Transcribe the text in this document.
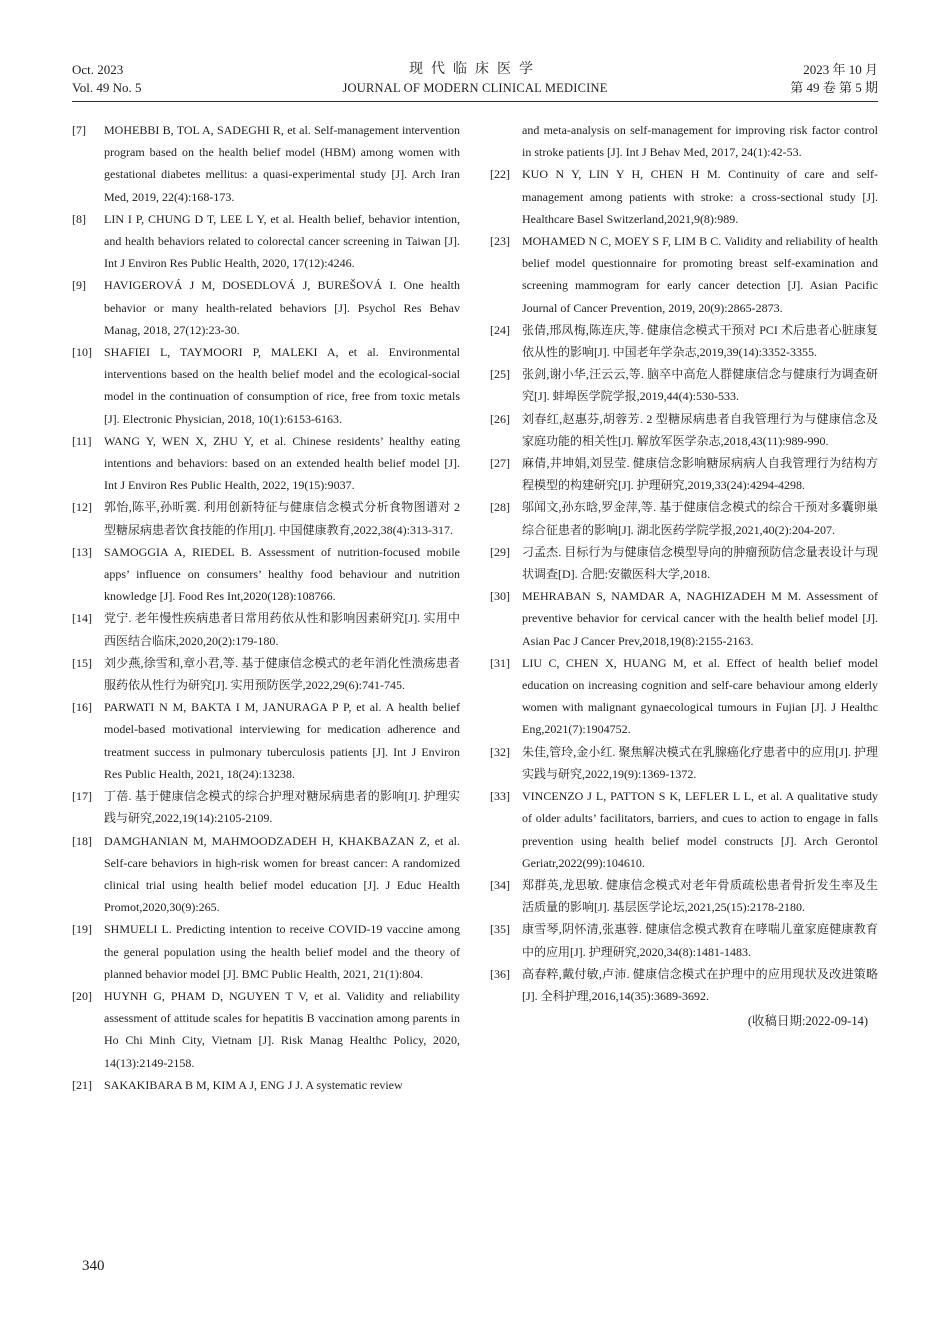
Oct. 2023
Vol. 49 No. 5
现代临床医学
JOURNAL OF MODERN CLINICAL MEDICINE
2023 年 10 月
第 49 卷 第 5 期
[7] MOHEBBI B, TOL A, SADEGHI R, et al. Self-management intervention program based on the health belief model (HBM) among women with gestational diabetes mellitus: a quasi-experimental study [J]. Arch Iran Med, 2019, 22(4):168-173.
[8] LIN I P, CHUNG D T, LEE L Y, et al. Health belief, behavior intention, and health behaviors related to colorectal cancer screening in Taiwan [J]. Int J Environ Res Public Health, 2020, 17(12):4246.
[9] HAVIGEROVÁ J M, DOSEDLOVÁ J, BUREŠOVÁ I. One health behavior or many health-related behaviors [J]. Psychol Res Behav Manag, 2018, 27(12):23-30.
[10] SHAFIEI L, TAYMOORI P, MALEKI A, et al. Environmental interventions based on the health belief model and the ecological-social model in the continuation of consumption of rice, free from toxic metals [J]. Electronic Physician, 2018, 10(1):6153-6163.
[11] WANG Y, WEN X, ZHU Y, et al. Chinese residents’ healthy eating intentions and behaviors: based on an extended health belief model [J]. Int J Environ Res Public Health, 2022, 19(15):9037.
[12] 郭怡,陈平,孙昕霙. 利用创新特征与健康信念模式分析食物图谱对 2 型糖尿病患者饮食技能的作用[J]. 中国健康教育,2022,38(4):313-317.
[13] SAMOGGIA A, RIEDEL B. Assessment of nutrition-focused mobile apps’ influence on consumers’ healthy food behaviour and nutrition knowledge [J]. Food Res Int,2020(128):108766.
[14] 党宁. 老年慢性疾病患者日常用药依从性和影响因素研究[J]. 实用中西医结合临床,2020,20(2):179-180.
[15] 刘少燕,徐雪和,章小君,等. 基于健康信念模式的老年消化性溃疡患者服药依从性行为研究[J]. 实用预防医学,2022,29(6):741-745.
[16] PARWATI N M, BAKTA I M, JANURAGA P P, et al. A health belief model-based motivational interviewing for medication adherence and treatment success in pulmonary tuberculosis patients [J]. Int J Environ Res Public Health, 2021, 18(24):13238.
[17] 丁蓓. 基于健康信念模式的综合护理对糖尿病患者的影响[J]. 护理实践与研究,2022,19(14):2105-2109.
[18] DAMGHANIAN M, MAHMOODZADEH H, KHAKBAZAN Z, et al. Self-care behaviors in high-risk women for breast cancer: A randomized clinical trial using health belief model education [J]. J Educ Health Promot,2020,30(9):265.
[19] SHMUELI L. Predicting intention to receive COVID-19 vaccine among the general population using the health belief model and the theory of planned behavior model [J]. BMC Public Health, 2021, 21(1):804.
[20] HUYNH G, PHAM D, NGUYEN T V, et al. Validity and reliability assessment of attitude scales for hepatitis B vaccination among parents in Ho Chi Minh City, Vietnam [J]. Risk Manag Healthc Policy, 2020, 14(13):2149-2158.
[21] SAKAKIBARA B M, KIM A J, ENG J J. A systematic review
and meta-analysis on self-management for improving risk factor control in stroke patients [J]. Int J Behav Med, 2017, 24(1):42-53.
[22] KUO N Y, LIN Y H, CHEN H M. Continuity of care and self-management among patients with stroke: a cross-sectional study [J]. Healthcare Basel Switzerland,2021,9(8):989.
[23] MOHAMED N C, MOEY S F, LIM B C. Validity and reliability of health belief model questionnaire for promoting breast self-examination and screening mammogram for early cancer detection [J]. Asian Pacific Journal of Cancer Prevention, 2019, 20(9):2865-2873.
[24] 张倩,邢凤梅,陈连庆,等. 健康信念模式干预对 PCI 术后患者心脏康复依从性的影响[J]. 中国老年学杂志,2019,39(14):3352-3355.
[25] 张剑,谢小华,汪云云,等. 脑卒中高危人群健康信念与健康行为调查研究[J]. 蚌埠医学院学报,2019,44(4):530-533.
[26] 刘春红,赵惠芬,胡蓉芳. 2 型糖尿病患者自我管理行为与健康信念及家庭功能的相关性[J]. 解放军医学杂志,2018,43(11):989-990.
[27] 麻倩,井坤娟,刘昱莹. 健康信念影响糖尿病病人自我管理行为结构方程模型的构建研究[J]. 护理研究,2019,33(24):4294-4298.
[28] 邬闻文,孙东晗,罗金萍,等. 基于健康信念模式的综合干预对多囊卵巢综合征患者的影响[J]. 湖北医药学院学报,2021,40(2):204-207.
[29] 刁孟杰. 目标行为与健康信念模型导向的肿瘤预防信念量表设计与现状调查[D]. 合肥:安徽医科大学,2018.
[30] MEHRABAN S, NAMDAR A, NAGHIZADEH M M. Assessment of preventive behavior for cervical cancer with the health belief model [J]. Asian Pac J Cancer Prev,2018,19(8):2155-2163.
[31] LIU C, CHEN X, HUANG M, et al. Effect of health belief model education on increasing cognition and self-care behaviour among elderly women with malignant gynaecological tumours in Fujian [J]. J Healthc Eng,2021(7):1904752.
[32] 朱佳,管玲,金小红. 聚焦解决模式在乳腺癌化疗患者中的应用[J]. 护理实践与研究,2022,19(9):1369-1372.
[33] VINCENZO J L, PATTON S K, LEFLER L L, et al. A qualitative study of older adults’ facilitators, barriers, and cues to action to engage in falls prevention using health belief model constructs [J]. Arch Gerontol Geriatr,2022(99):104610.
[34] 郑群英,龙思敏. 健康信念模式对老年骨质疏松患者骨折发生率及生活质量的影响[J]. 基层医学论坛,2021,25(15):2178-2180.
[35] 康雪琴,阴怀清,张惠蓉. 健康信念模式教育在哮喘儿童家庭健康教育中的应用[J]. 护理研究,2020,34(8):1481-1483.
[36] 高春粹,戴付敏,卢沛. 健康信念模式在护理中的应用现状及改进策略[J]. 全科护理,2016,14(35):3689-3692.
(收稿日期:2022-09-14)
340
